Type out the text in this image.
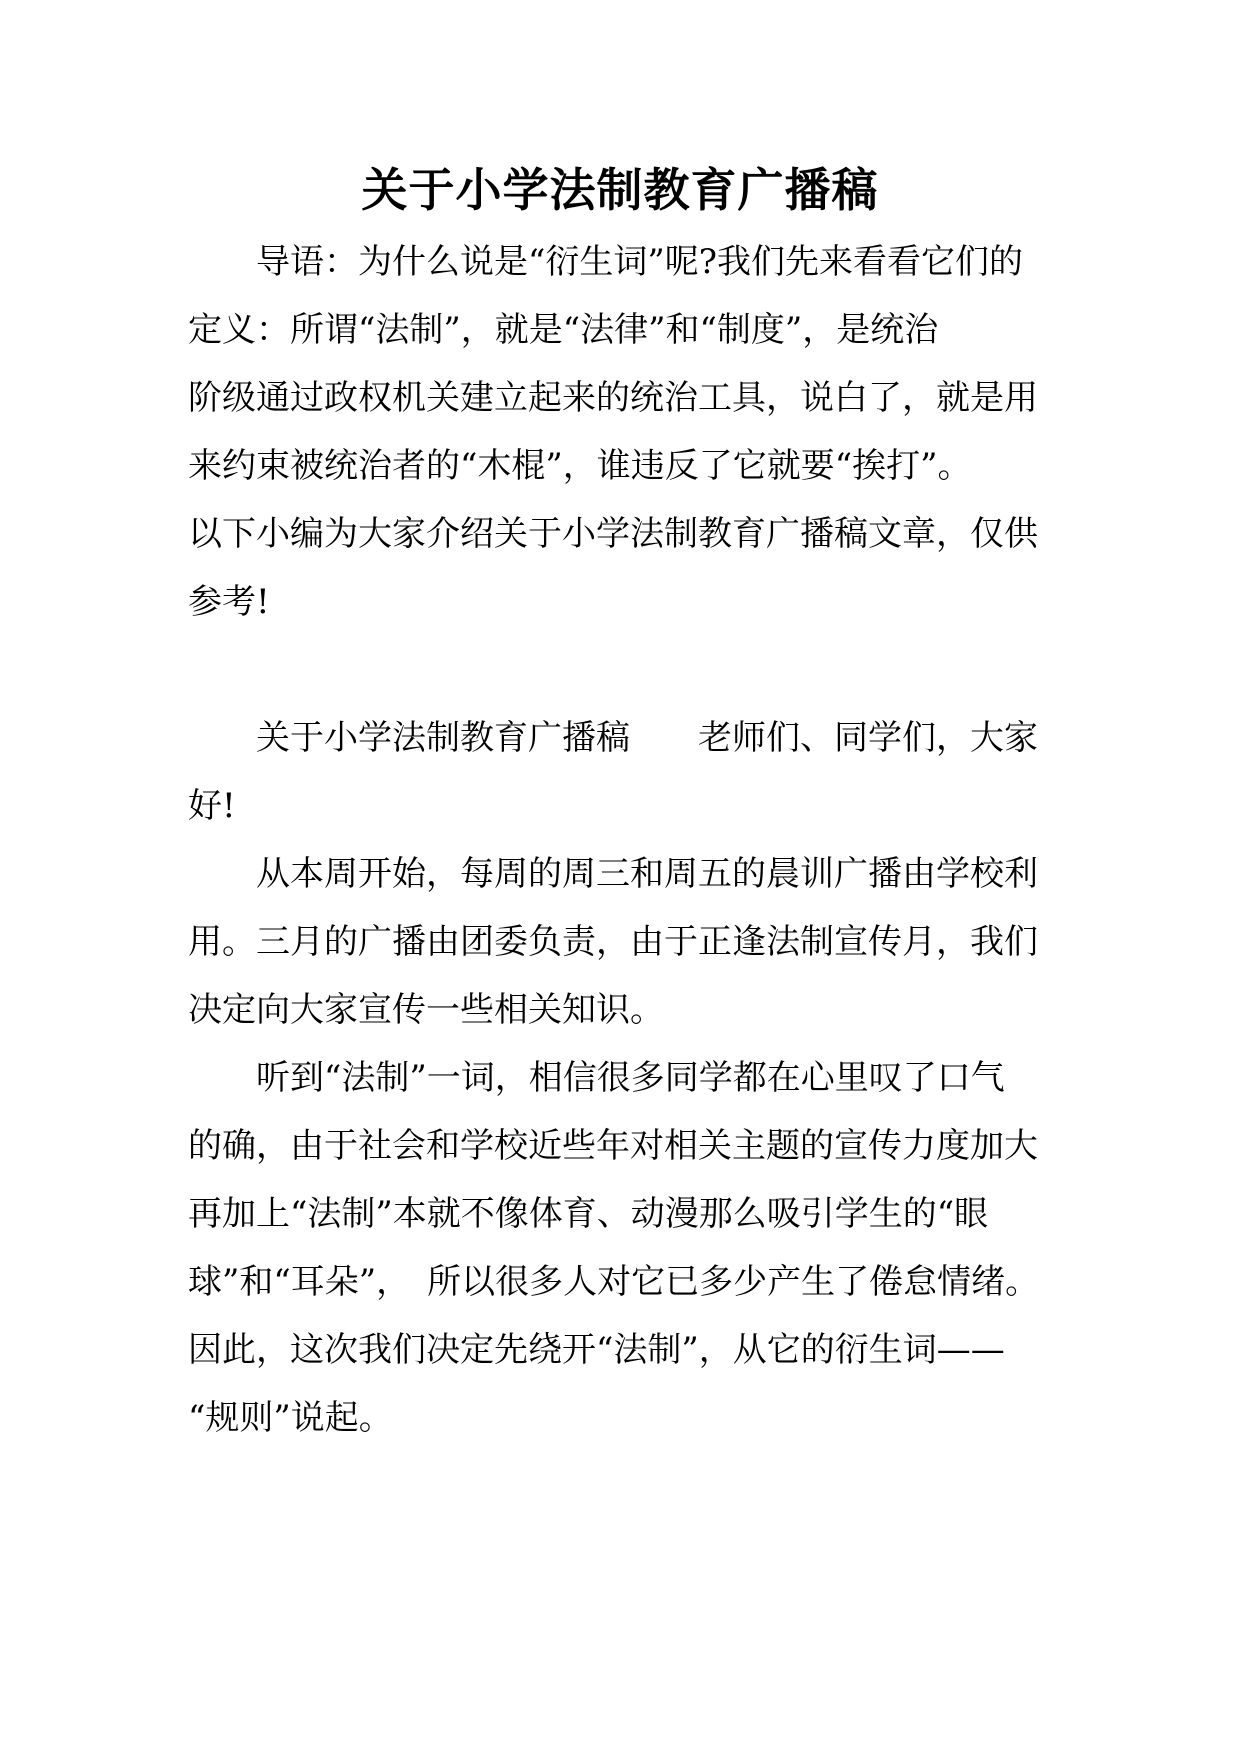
关于小学法制教育广播稿

导语：为什么说是“衍生词”呢?我们先来看看它们的

定义：所谓“法制”，就是“法律”和“制度”，是统治

阶级通过政权机关建立起来的统治工具，说白了，就是用

来约束被统治者的“木棍”，谁违反了它就要“挨打”。

以下小编为大家介绍关于小学法制教育广播稿文章，仅供

参考!

关于小学法制教育广播稿　　老师们、同学们，大家

好!

从本周开始，每周的周三和周五的晨训广播由学校利

用。三月的广播由团委负责，由于正逢法制宣传月，我们

决定向大家宣传一些相关知识。

听到“法制”一词，相信很多同学都在心里叹了口气

的确，由于社会和学校近些年对相关主题的宣传力度加大

再加上“法制”本就不像体育、动漫那么吸引学生的“眼

球”和“耳朵”，　所以很多人对它已多少产生了倦怠情绪。

因此，这次我们决定先绕开“法制”，从它的衍生词——

“规则”说起。
